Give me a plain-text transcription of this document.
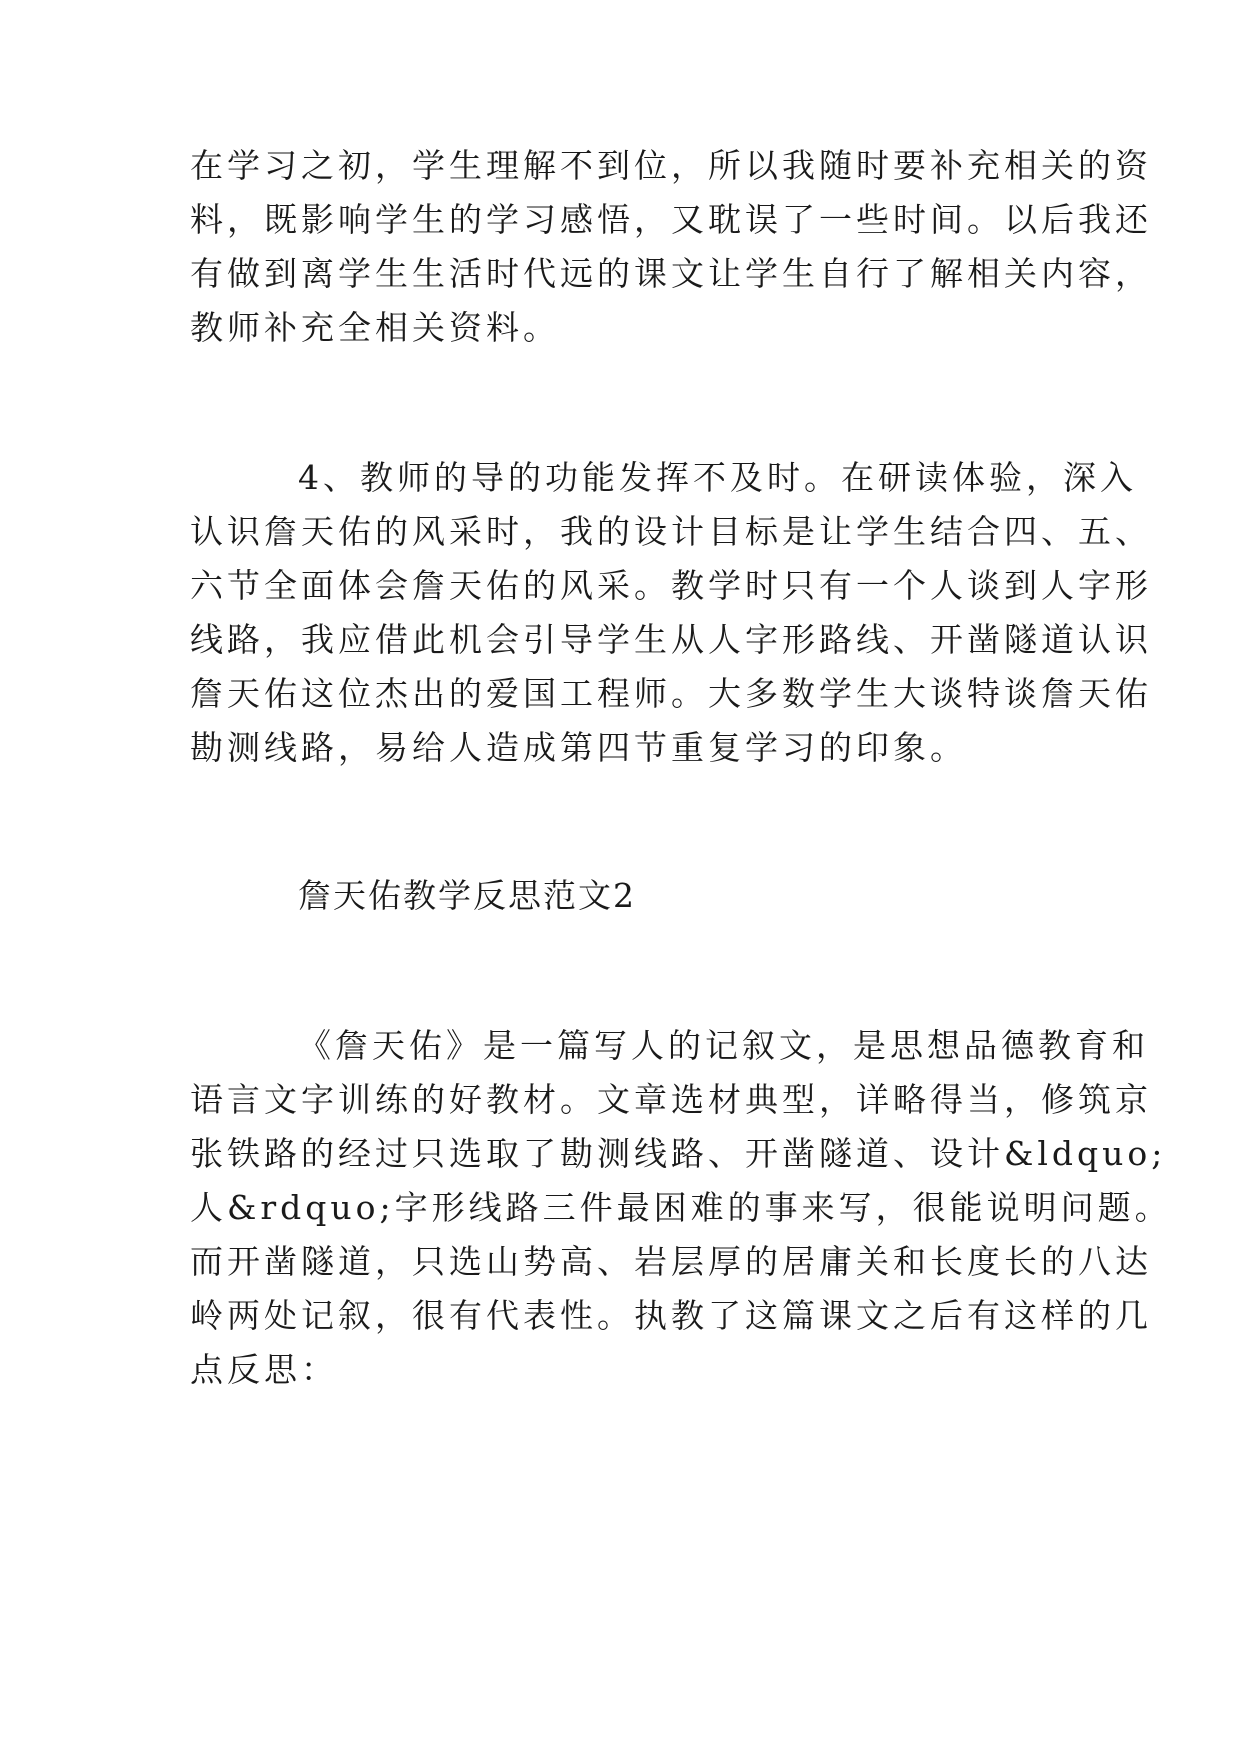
在学习之初，学生理解不到位，所以我随时要补充相关的资
料，既影响学生的学习感悟，又耽误了一些时间。以后我还
有做到离学生生活时代远的课文让学生自行了解相关内容，
教师补充全相关资料。
4、教师的导的功能发挥不及时。在研读体验，深入
认识詹天佑的风采时，我的设计目标是让学生结合四、五、
六节全面体会詹天佑的风采。教学时只有一个人谈到人字形
线路，我应借此机会引导学生从人字形路线、开凿隧道认识
詹天佑这位杰出的爱国工程师。大多数学生大谈特谈詹天佑
勘测线路，易给人造成第四节重复学习的印象。
詹天佑教学反思范文2
《詹天佑》是一篇写人的记叙文，是思想品德教育和
语言文字训练的好教材。文章选材典型，详略得当，修筑京
张铁路的经过只选取了勘测线路、开凿隧道、设计&ldquo;
人&rdquo;字形线路三件最困难的事来写，很能说明问题。
而开凿隧道，只选山势高、岩层厚的居庸关和长度长的八达
岭两处记叙，很有代表性。执教了这篇课文之后有这样的几
点反思：
